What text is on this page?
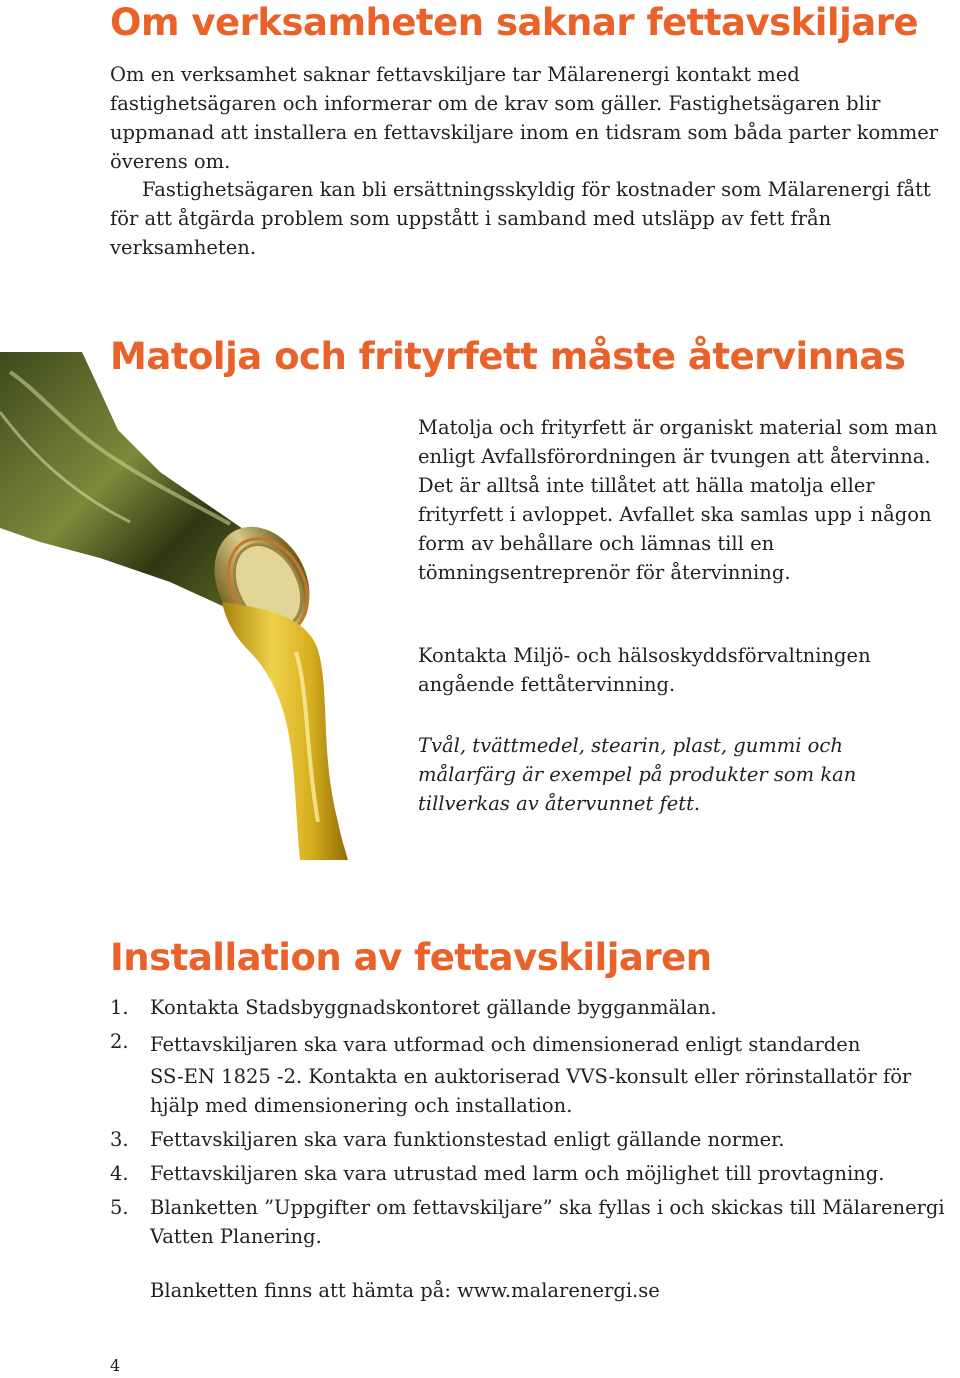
Om verksamheten saknar fettavskiljare

Om en verksamhet saknar fettavskiljare tar Mälarenergi kontakt med fastighetsägaren och informerar om de krav som gäller. Fastighetsägaren blir uppmanad att installera en fettavskiljare inom en tidsram som båda parter kommer överens om.

Fastighetsägaren kan bli ersättningsskyldig för kostnader som Mälarenergi fått för att åtgärda problem som uppstått i samband med utsläpp av fett från verksamheten.

Matolja och frityrfett måste återvinnas

Matolja och frityrfett är organiskt material som man enligt Avfallsförordningen är tvungen att återvinna. Det är alltså inte tillåtet att hälla matolja eller frityrfett i avloppet. Avfallet ska samlas upp i någon form av behållare och lämnas till en tömningsentreprenör för återvinning.

Kontakta Miljö- och hälsoskyddsförvaltningen angående fettåtervinning.

Tvål, tvättmedel, stearin, plast, gummi och målarfärg är exempel på produkter som kan tillverkas av återvunnet fett.

Installation av fettavskiljaren
1. Kontakta Stadsbyggnadskontoret gällande bygganmälan.
2. Fettavskiljaren ska vara utformad och dimensionerad enligt standarden
SS-EN 1825 -2. Kontakta en auktoriserad VVS-konsult eller rörinstallatör för hjälp med dimensionering och installation.
3. Fettavskiljaren ska vara funktionstestad enligt gällande normer.
4. Fettavskiljaren ska vara utrustad med larm och möjlighet till provtagning.
5. Blanketten ”Uppgifter om fettavskiljare” ska fyllas i och skickas till Mälarenergi Vatten Planering.

Blanketten finns att hämta på: www.malarenergi.se

4
